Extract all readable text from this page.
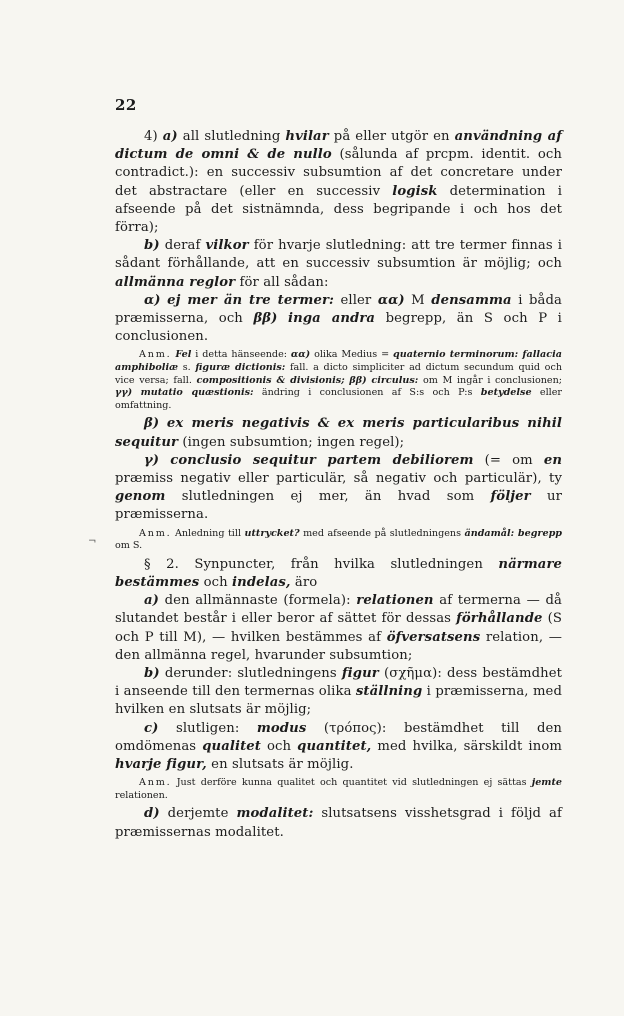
¬
22

4) a) all slutledning hvilar på eller utgör en användning af dictum de omni & de nullo (sålunda af prcpm. identit. och contradict.): en successiv subsumtion af det concretare under det abstractare (eller en successiv logisk determination i afseende på det sistnämnda, dess begripande i och hos det förra);

b) deraf vilkor för hvarje slutledning: att tre termer finnas i sådant förhållande, att en successiv subsumtion är möjlig; och allmänna reglor för all sådan:

α) ej mer än tre termer: eller αα) M densamma i båda præmisserna, och ββ) inga andra begrepp, än S och P i conclusionen.

Anm. Fel i detta hänseende: αα) olika Medius = quaternio terminorum: fallacia amphiboliæ s. figuræ dictionis: fall. a dicto simpliciter ad dictum secundum quid och vice versa; fall. compositionis & divisionis; ββ) circulus: om M ingår i conclusionen; γγ) mutatio quæstionis: ändring i conclusionen af S:s och P:s betydelse eller omfattning.

β) ex meris negativis & ex meris particularibus nihil sequitur (ingen subsumtion; ingen regel);

γ) conclusio sequitur partem debiliorem (= om en præmiss negativ eller particulär, så negativ och particulär), ty genom slutledningen ej mer, än hvad som följer ur præmisserna.

Anm. Anledning till uttrycket? med afseende på slutledningens ändamål: begrepp om S.

§ 2. Synpuncter, från hvilka slutledningen närmare bestämmes och indelas, äro

a) den allmännaste (formela): relationen af termerna — då slutandet består i eller beror af sättet för dessas förhållande (S och P till M), — hvilken bestämmes af öfversatsens relation, — den allmänna regel, hvarunder subsumtion;

b) derunder: slutledningens figur (σχῆμα): dess bestämdhet i anseende till den termernas olika ställning i præmisserna, med hvilken en slutsats är möjlig;

c) slutligen: modus (τρόπος): bestämdhet till den omdömenas qualitet och quantitet, med hvilka, särskildt inom hvarje figur, en slutsats är möjlig.

Anm. Just derföre kunna qualitet och quantitet vid slutledningen ej sättas jemte relationen.

d) derjemte modalitet: slutsatsens visshetsgrad i följd af præmissernas modalitet.
